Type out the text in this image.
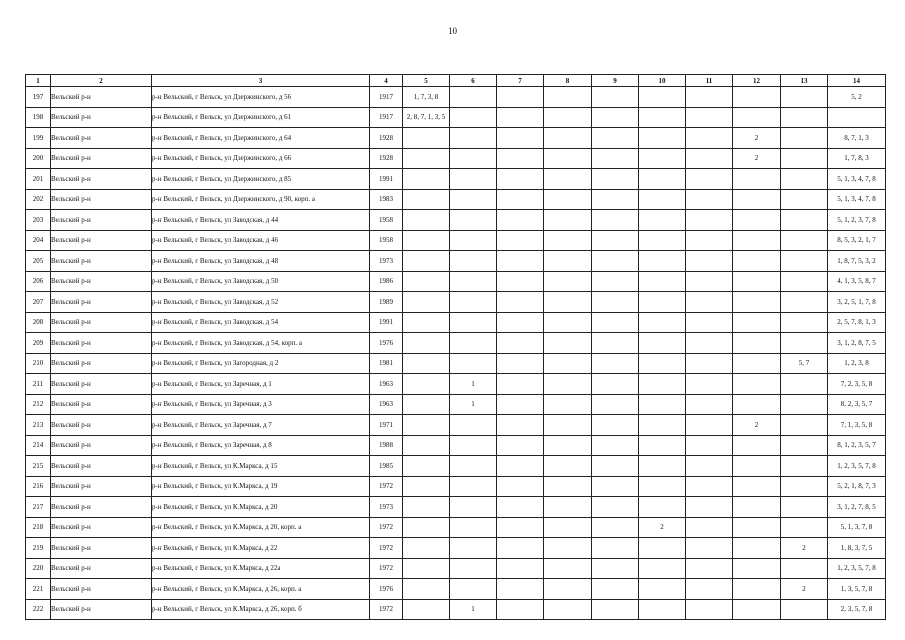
10
1	2	3	4	5	6	7	8	9	10	11	12	13	14
197	Вельский р-н	р-н Вельский, г Вельск, ул Дзержинского, д 56	1917	1, 7, 3, 8									5, 2
198	Вельский р-н	р-н Вельский, г Вельск, ул Дзержинского, д 61	1917	2, 8, 7, 1, 3, 5									
199	Вельский р-н	р-н Вельский, г Вельск, ул Дзержинского, д 64	1928								2		8, 7, 1, 3
200	Вельский р-н	р-н Вельский, г Вельск, ул Дзержинского, д 66	1928								2		1, 7, 8, 3
201	Вельский р-н	р-н Вельский, г Вельск, ул Дзержинского, д 85	1991										5, 1, 3, 4, 7, 8
202	Вельский р-н	р-н Вельский, г Вельск, ул Дзержинского, д 90, корп. а	1983										5, 1, 3, 4, 7, 8
203	Вельский р-н	р-н Вельский, г Вельск, ул Заводская, д 44	1958										5, 1, 2, 3, 7, 8
204	Вельский р-н	р-н Вельский, г Вельск, ул Заводская, д 46	1958										8, 5, 3, 2, 1, 7
205	Вельский р-н	р-н Вельский, г Вельск, ул Заводская, д 48	1973										1, 8, 7, 5, 3, 2
206	Вельский р-н	р-н Вельский, г Вельск, ул Заводская, д 50	1986										4, 1, 3, 5, 8, 7
207	Вельский р-н	р-н Вельский, г Вельск, ул Заводская, д 52	1989										3, 2, 5, 1, 7, 8
208	Вельский р-н	р-н Вельский, г Вельск, ул Заводская, д 54	1991										2, 5, 7, 8, 1, 3
209	Вельский р-н	р-н Вельский, г Вельск, ул Заводская, д 54, корп. а	1976										3, 1, 2, 8, 7, 5
210	Вельский р-н	р-н Вельский, г Вельск, ул Загородная, д 2	1981									5, 7	1, 2, 3, 8
211	Вельский р-н	р-н Вельский, г Вельск, ул Заречная, д 1	1963		1								7, 2, 3, 5, 8
212	Вельский р-н	р-н Вельский, г Вельск, ул Заречная, д 3	1963		1								8, 2, 3, 5, 7
213	Вельский р-н	р-н Вельский, г Вельск, ул Заречная, д 7	1971								2		7, 1, 3, 5, 8
214	Вельский р-н	р-н Вельский, г Вельск, ул Заречная, д 8	1988										8, 1, 2, 3, 5, 7
215	Вельский р-н	р-н Вельский, г Вельск, ул К.Маркса, д 15	1985										1, 2, 3, 5, 7, 8
216	Вельский р-н	р-н Вельский, г Вельск, ул К.Маркса, д 19	1972										5, 2, 1, 8, 7, 3
217	Вельский р-н	р-н Вельский, г Вельск, ул К.Маркса, д 20	1973										3, 1, 2, 7, 8, 5
218	Вельский р-н	р-н Вельский, г Вельск, ул К.Маркса, д 20, корп. а	1972						2				5, 1, 3, 7, 8
219	Вельский р-н	р-н Вельский, г Вельск, ул К.Маркса, д 22	1972									2	1, 8, 3, 7, 5
220	Вельский р-н	р-н Вельский, г Вельск, ул К.Маркса, д 22а	1972										1, 2, 3, 5, 7, 8
221	Вельский р-н	р-н Вельский, г Вельск, ул К.Маркса, д 26, корп. а	1976									2	1, 3, 5, 7, 8
222	Вельский р-н	р-н Вельский, г Вельск, ул К.Маркса, д 26, корп. б	1972		1								2, 3, 5, 7, 8
